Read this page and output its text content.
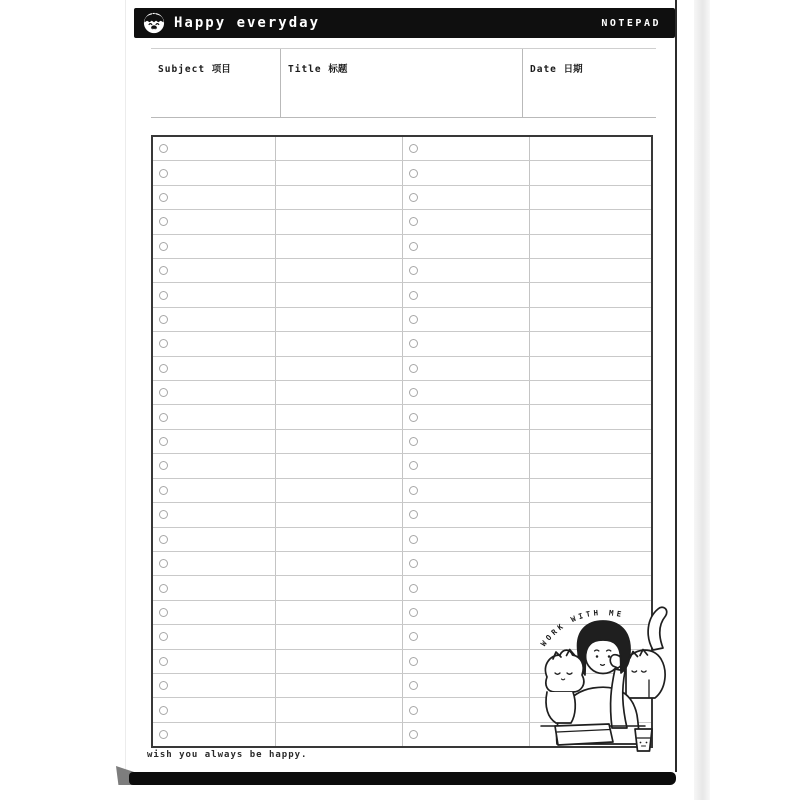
Happy everyday	NOTEPAD
Subject 项目	Title 标题	Date 日期
WORK WITH ME
wish you always be happy.
